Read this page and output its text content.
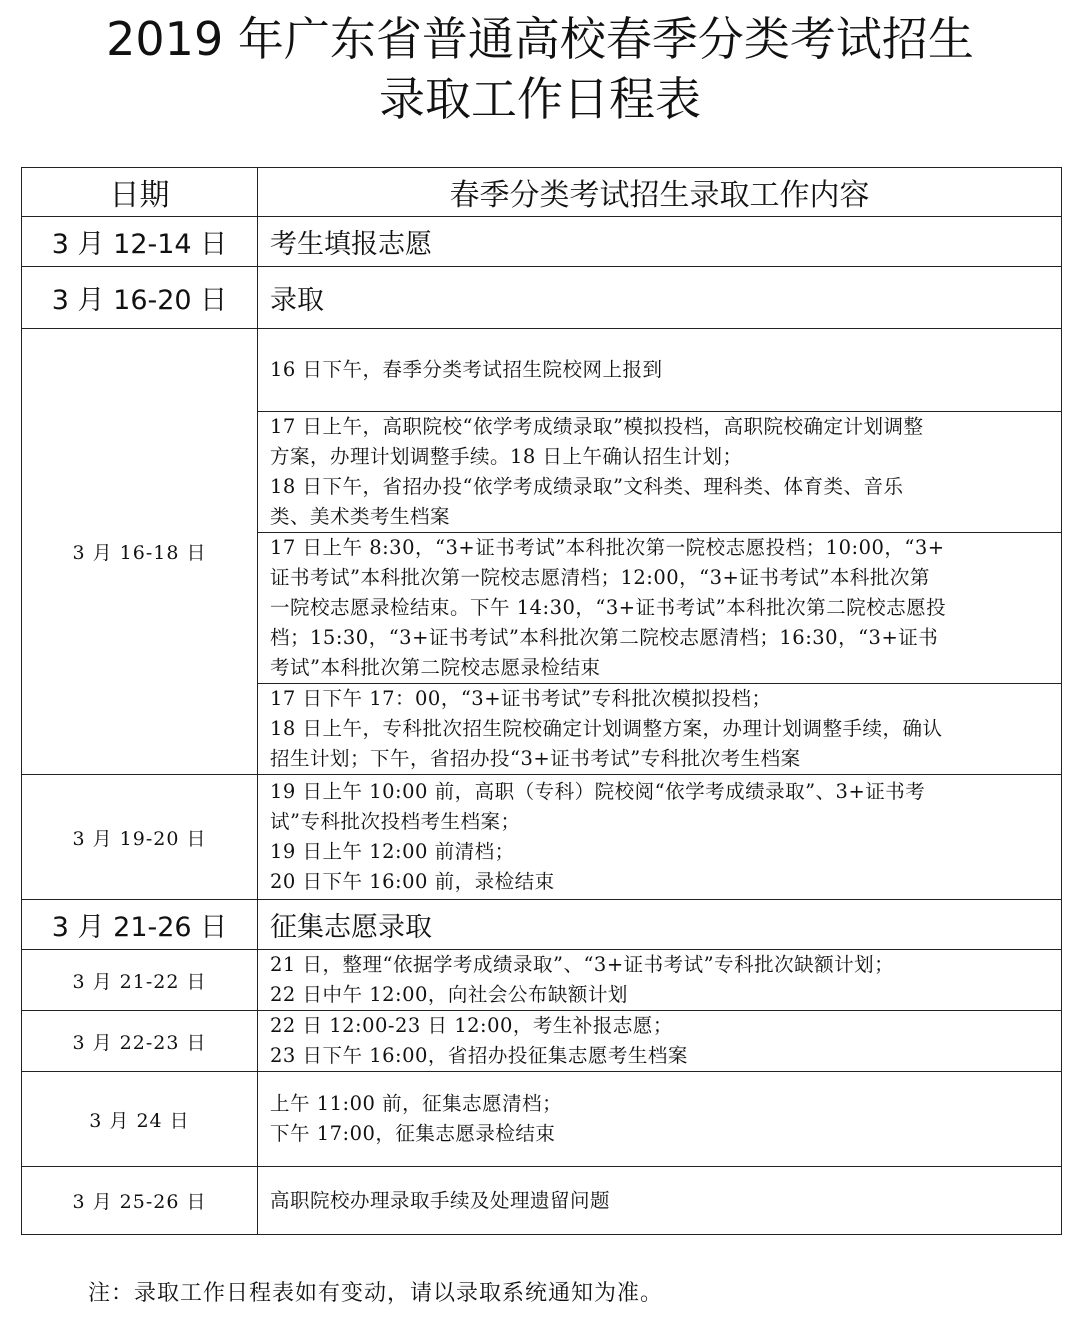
2019 年广东省普通高校春季分类考试招生
录取工作日程表
日期	春季分类考试招生录取工作内容
3 月 12-14 日	考生填报志愿
3 月 16-20 日	录取
3 月 16-18 日	16 日下午，春季分类考试招生院校网上报到

	17 日上午，高职院校“依学考成绩录取”模拟投档，高职院校确定计划调整
方案，办理计划调整手续。18 日上午确认招生计划；
18 日下午，省招办投“依学考成绩录取”文科类、理科类、体育类、音乐
类、美术类考生档案

	17 日上午 8:30，“3+证书考试”本科批次第一院校志愿投档；10:00，“3+
证书考试”本科批次第一院校志愿清档；12:00，“3+证书考试”本科批次第
一院校志愿录检结束。下午 14:30，“3+证书考试”本科批次第二院校志愿投
档；15:30，“3+证书考试”本科批次第二院校志愿清档；16:30，“3+证书
考试”本科批次第二院校志愿录检结束

	17 日下午 17：00，“3+证书考试”专科批次模拟投档；
18 日上午，专科批次招生院校确定计划调整方案，办理计划调整手续，确认
招生计划；下午，省招办投“3+证书考试”专科批次考生档案

3 月 19-20 日	19 日上午 10:00 前，高职（专科）院校阅“依学考成绩录取”、3+证书考
试”专科批次投档考生档案；
19 日上午 12:00 前清档；
20 日下午 16:00 前，录检结束

3 月 21-26 日	征集志愿录取
3 月 21-22 日	21 日，整理“依据学考成绩录取”、“3+证书考试”专科批次缺额计划；
22 日中午 12:00，向社会公布缺额计划

3 月 22-23 日	22 日 12:00-23 日 12:00，考生补报志愿；
23 日下午 16:00，省招办投征集志愿考生档案

3 月 24 日	上午 11:00 前，征集志愿清档；
下午 17:00，征集志愿录检结束

3 月 25-26 日	高职院校办理录取手续及处理遗留问题
注：录取工作日程表如有变动，请以录取系统通知为准。
